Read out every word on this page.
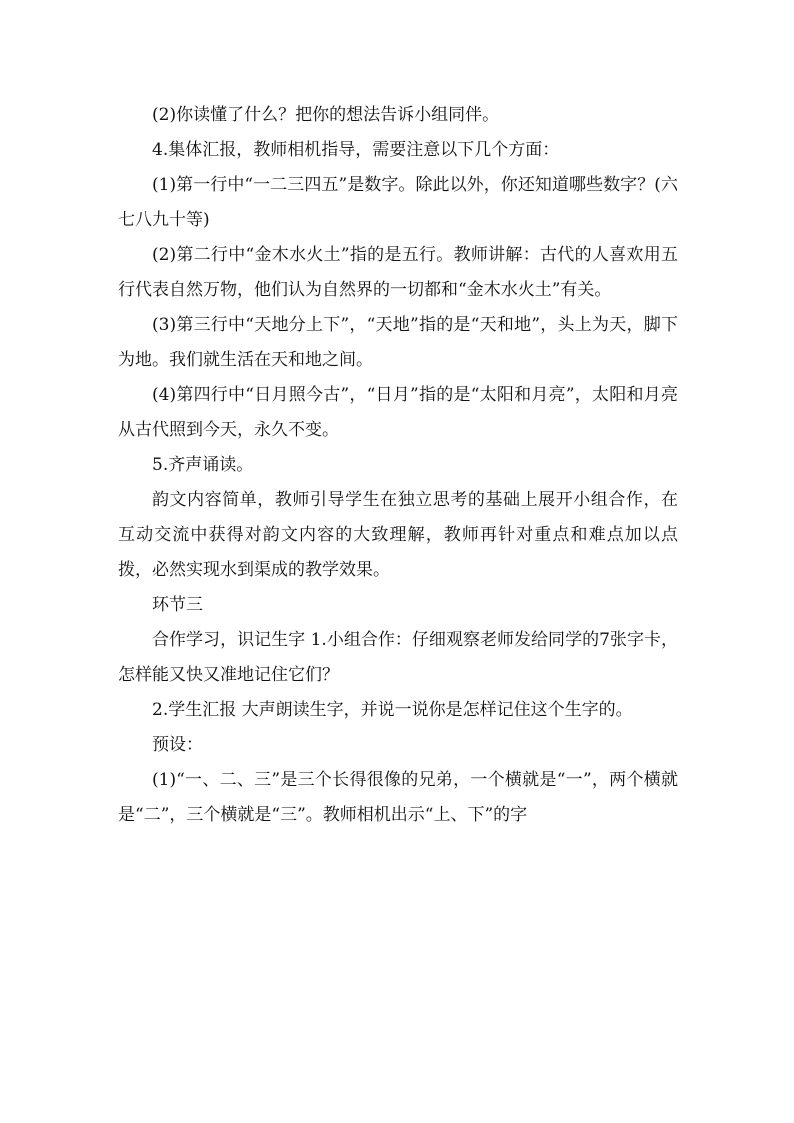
(2)你读懂了什么？把你的想法告诉小组同伴。

4.集体汇报，教师相机指导，需要注意以下几个方面：

(1)第一行中“一二三四五”是数字。除此以外，你还知道哪些数字？(六七八九十等)

(2)第二行中“金木水火土”指的是五行。教师讲解：古代的人喜欢用五行代表自然万物，他们认为自然界的一切都和“金木水火土”有关。

(3)第三行中“天地分上下”，“天地”指的是“天和地”，头上为天，脚下为地。我们就生活在天和地之间。

(4)第四行中“日月照今古”，“日月”指的是“太阳和月亮”，太阳和月亮从古代照到今天，永久不变。

5.齐声诵读。

韵文内容简单，教师引导学生在独立思考的基础上展开小组合作，在互动交流中获得对韵文内容的大致理解，教师再针对重点和难点加以点拨，必然实现水到渠成的教学效果。

环节三

合作学习，识记生字 1.小组合作：仔细观察老师发给同学的7张字卡，怎样能又快又准地记住它们？

2.学生汇报 大声朗读生字，并说一说你是怎样记住这个生字的。

预设：

(1)“一、二、三”是三个长得很像的兄弟，一个横就是“一”，两个横就是“二”，三个横就是“三”。教师相机出示“上、下”的字
